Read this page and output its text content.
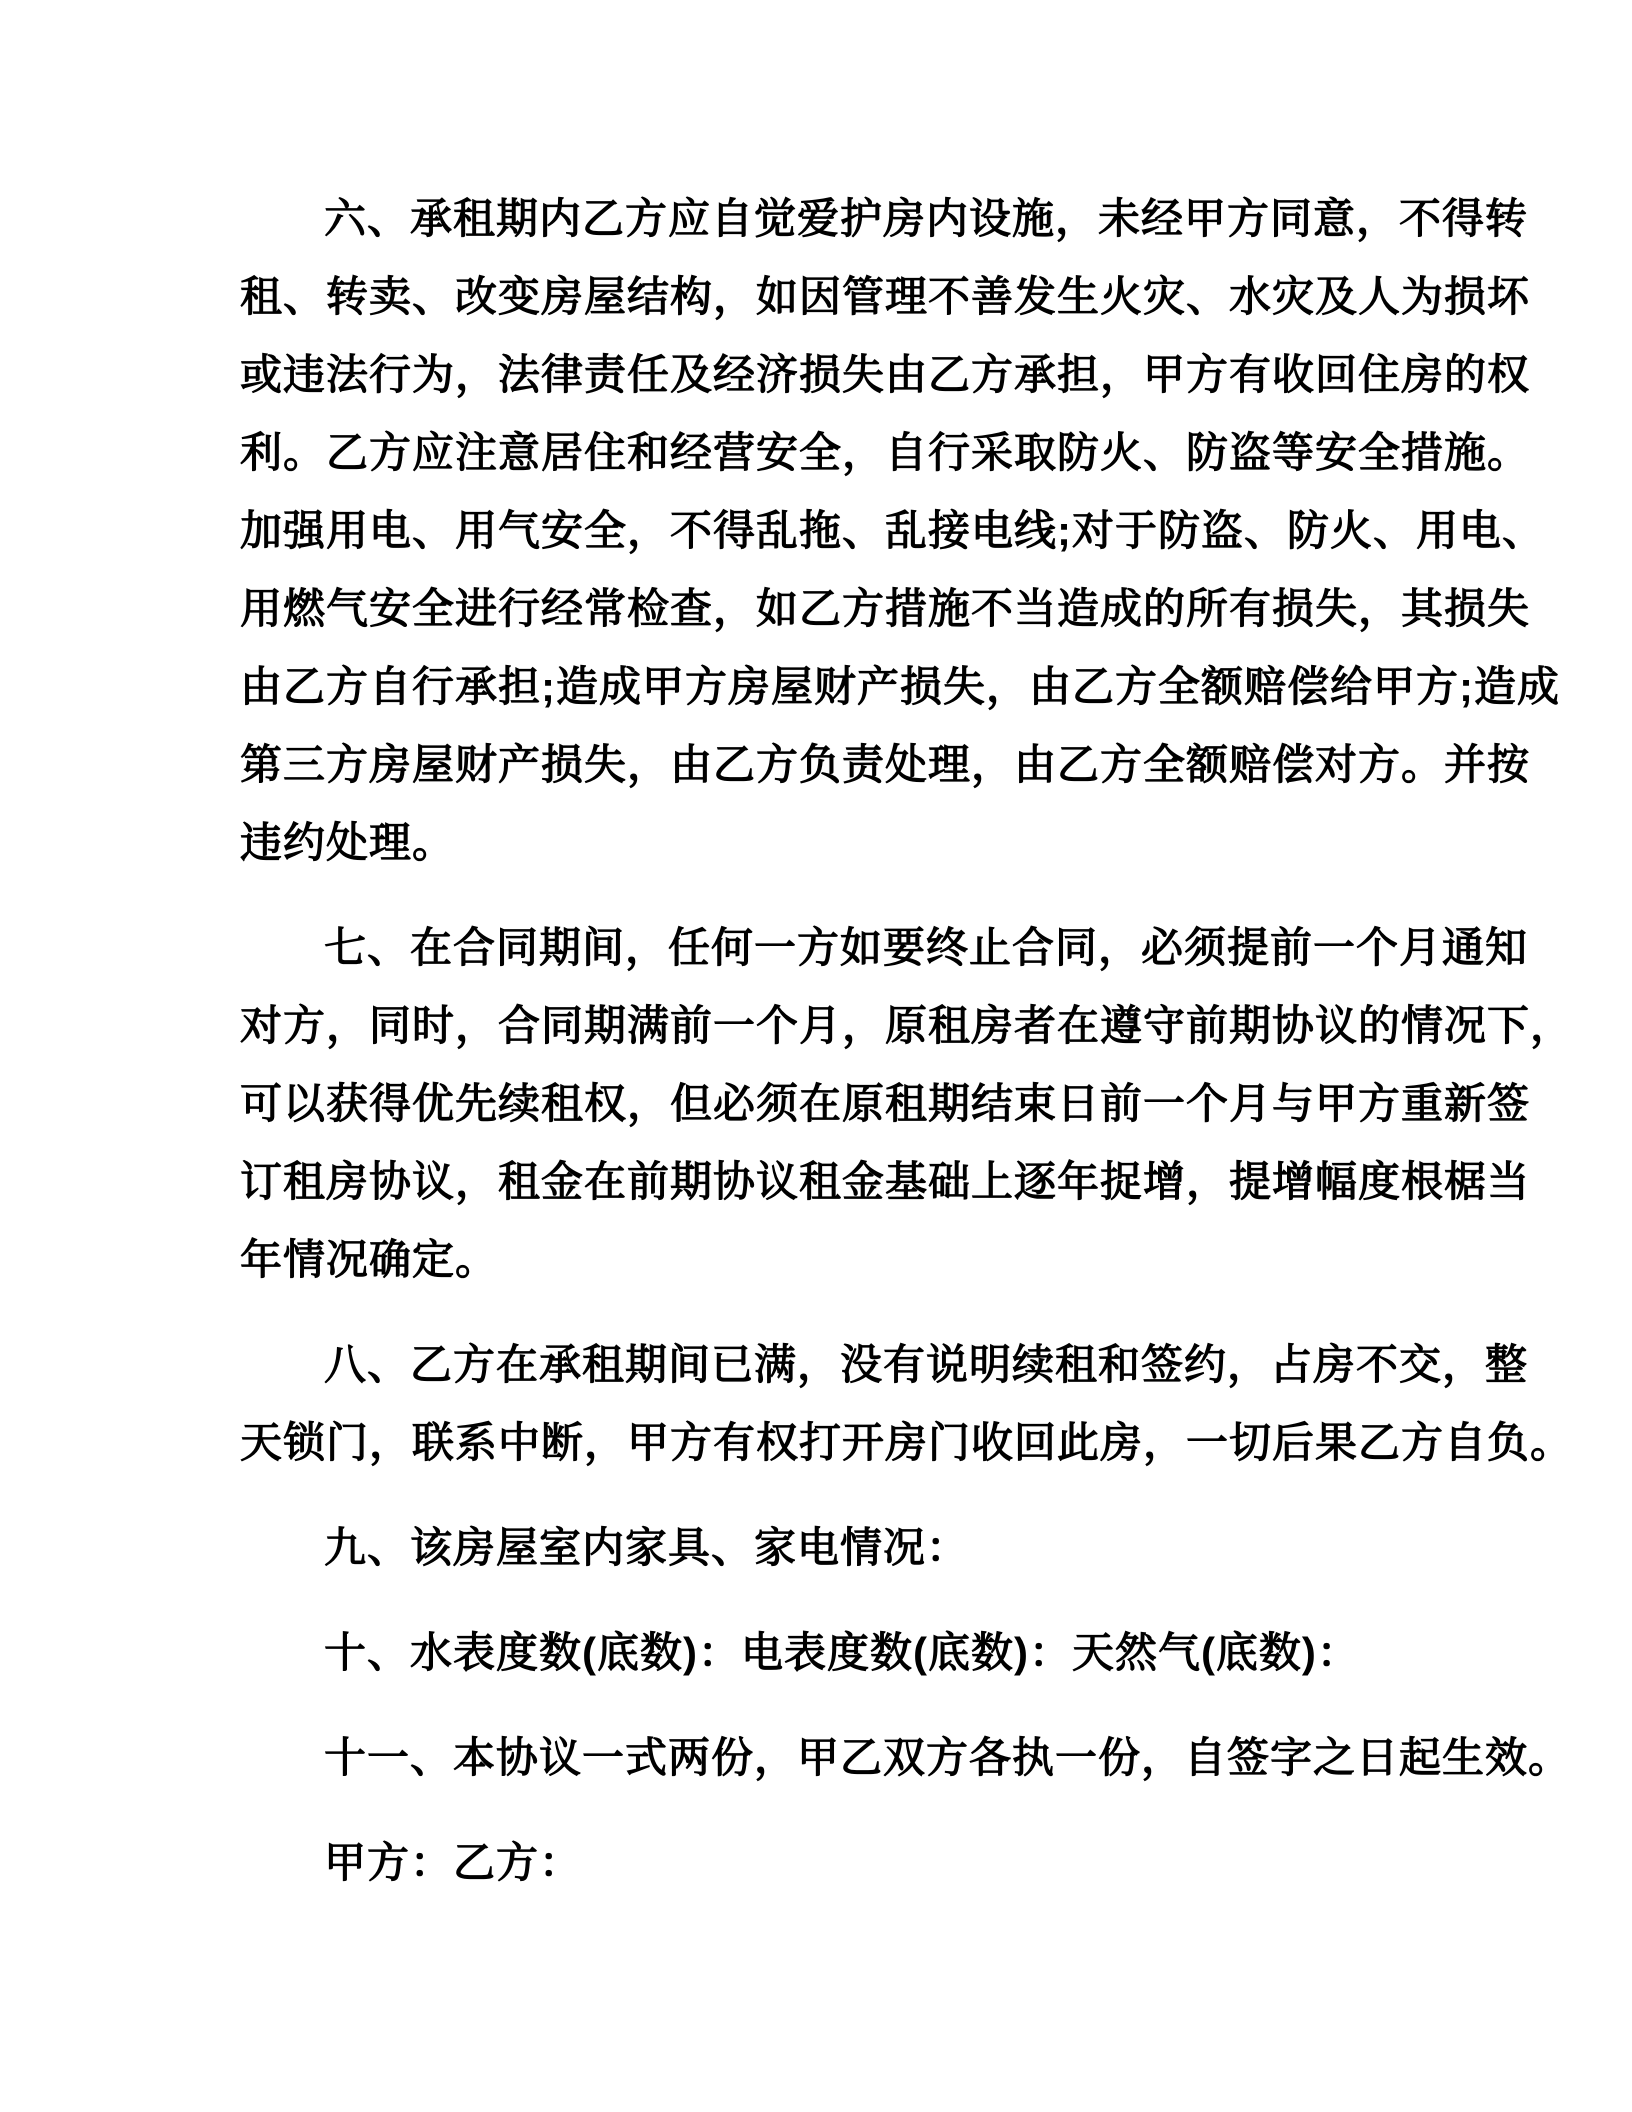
六、承租期内乙方应自觉爱护房内设施，未经甲方同意，不得转

租、转卖、改变房屋结构，如因管理不善发生火灾、水灾及人为损坏

或违法行为，法律责任及经济损失由乙方承担，甲方有收回住房的权

利。乙方应注意居住和经营安全，自行采取防火、防盗等安全措施。

加强用电、用气安全，不得乱拖、乱接电线;对于防盗、防火、用电、

用燃气安全进行经常检查，如乙方措施不当造成的所有损失，其损失

由乙方自行承担;造成甲方房屋财产损失，由乙方全额赔偿给甲方;造成

第三方房屋财产损失，由乙方负责处理，由乙方全额赔偿对方。并按

违约处理。

七、在合同期间，任何一方如要终止合同，必须提前一个月通知

对方，同时，合同期满前一个月，原租房者在遵守前期协议的情况下，

可以获得优先续租权，但必须在原租期结束日前一个月与甲方重新签

订租房协议，租金在前期协议租金基础上逐年捉增，提增幅度根椐当

年情况确定。

八、乙方在承租期间已满，没有说明续租和签约，占房不交，整

天锁门，联系中断，甲方有权打开房门收回此房，一切后果乙方自负。

九、该房屋室内家具、家电情况：

十、水表度数(底数)：电表度数(底数)：天然气(底数)：

十一、本协议一式两份，甲乙双方各执一份，自签字之日起生效。

甲方：乙方：
